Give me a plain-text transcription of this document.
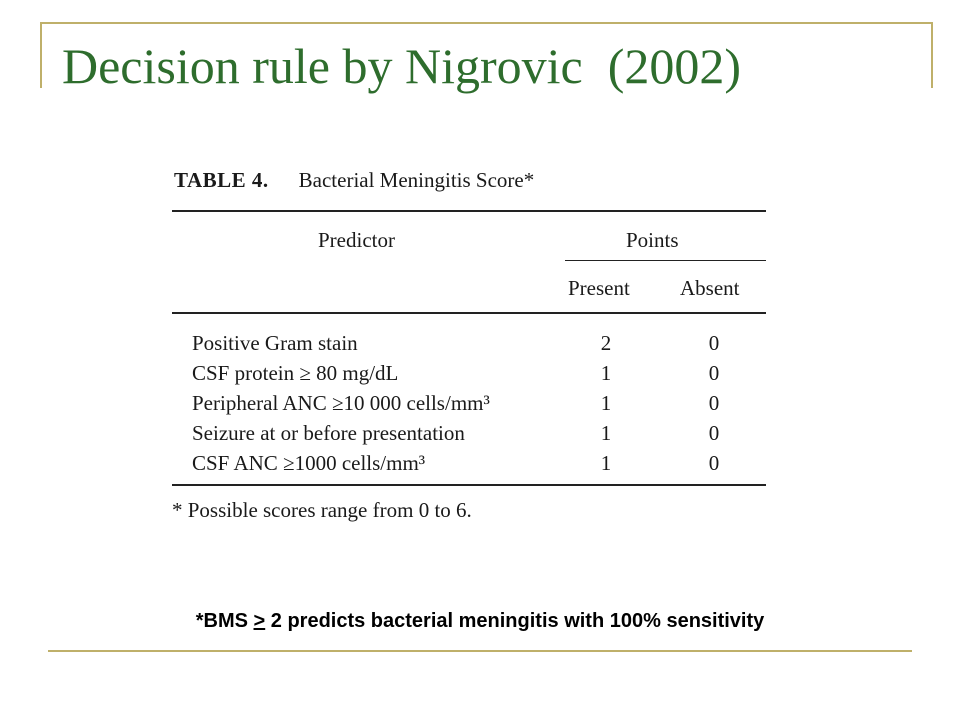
Decision rule by Nigrovic  (2002)
TABLE 4. Bacterial Meningitis Score*
Predictor	Points
Present Absent
Positive Gram stain	2	0
CSF protein ≥ 80 mg/dL	1	0
Peripheral ANC ≥10 000 cells/mm³	1	0
Seizure at or before presentation	1	0
CSF ANC ≥1000 cells/mm³	1	0
* Possible scores range from 0 to 6.
*BMS > 2 predicts bacterial meningitis with 100% sensitivity
